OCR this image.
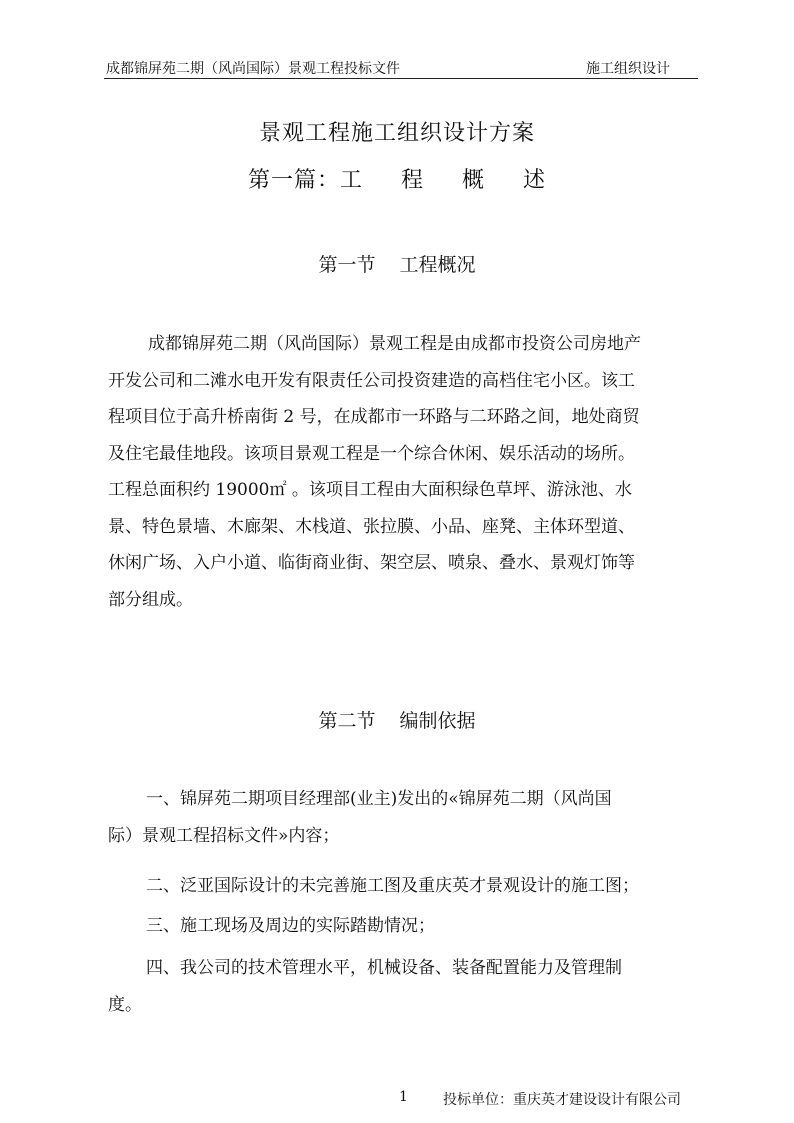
成都锦屏苑二期（风尚国际）景观工程投标文件	施工组织设计
景观工程施工组织设计方案
第一篇：工 程 概 述
第一节 工程概况
成都锦屏苑二期（风尚国际）景观工程是由成都市投资公司房地产
开发公司和二滩水电开发有限责任公司投资建造的高档住宅小区。该工
程项目位于高升桥南街 2 号，在成都市一环路与二环路之间，地处商贸
及住宅最佳地段。该项目景观工程是一个综合休闲、娱乐活动的场所。
工程总面积约 19000㎡ 。该项目工程由大面积绿色草坪、游泳池、水
景、特色景墙、木廊架、木栈道、张拉膜、小品、座凳、主体环型道、
休闲广场、入户小道、临街商业街、架空层、喷泉、叠水、景观灯饰等
部分组成。
第二节 编制依据
一、锦屏苑二期项目经理部(业主)发出的«锦屏苑二期（风尚国
际）景观工程招标文件»内容；
二、泛亚国际设计的未完善施工图及重庆英才景观设计的施工图；
三、施工现场及周边的实际踏勘情况；
四、我公司的技术管理水平，机械设备、装备配置能力及管理制
度。
1	投标单位：重庆英才建设设计有限公司
